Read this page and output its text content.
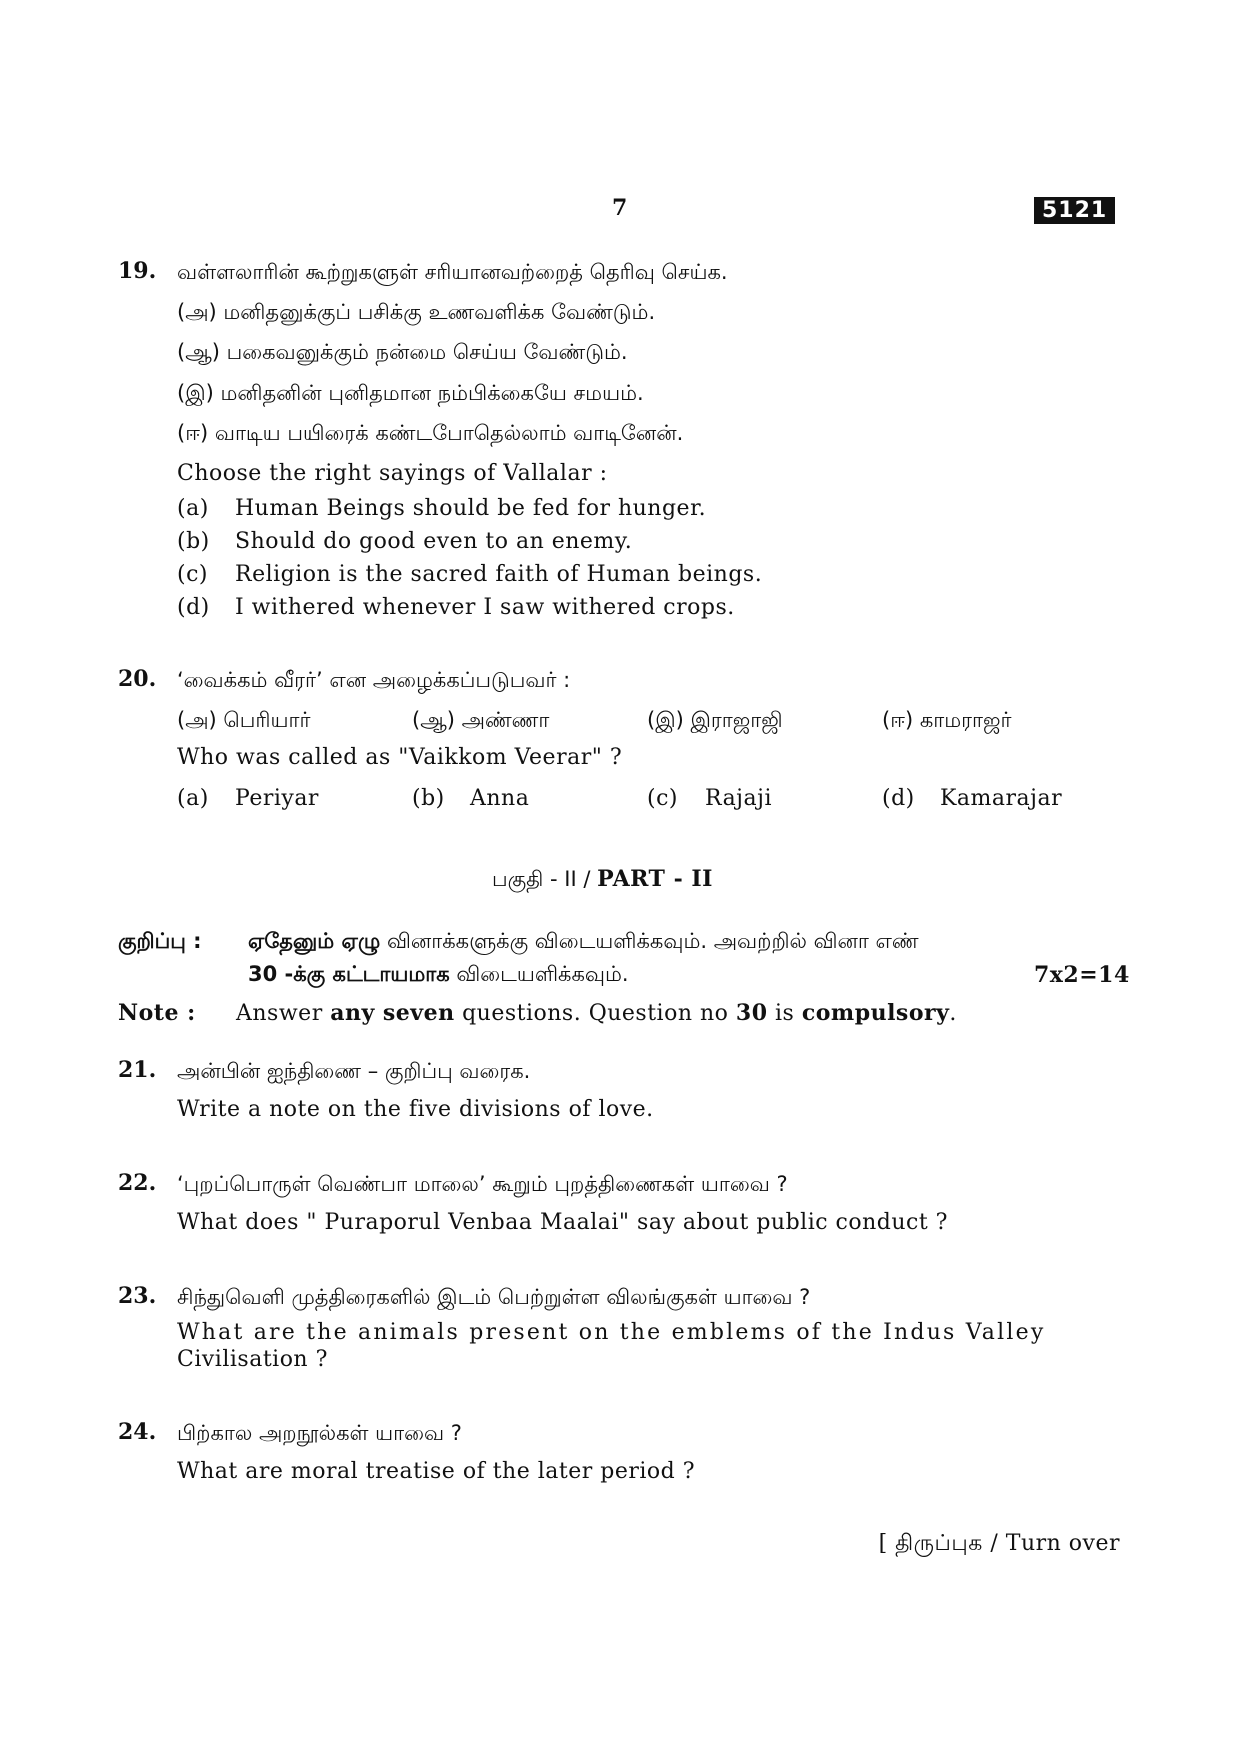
7	5121
19. வள்ளலாரின் கூற்றுகளுள் சரியானவற்றைத் தெரிவு செய்க.
(அ) மனிதனுக்குப் பசிக்கு உணவளிக்க வேண்டும்.
(ஆ) பகைவனுக்கும் நன்மை செய்ய வேண்டும்.
(இ) மனிதனின் புனிதமான நம்பிக்கையே சமயம்.
(ஈ) வாடிய பயிரைக் கண்டபோதெல்லாம் வாடினேன்.
Choose the right sayings of Vallalar :
(a) Human Beings should be fed for hunger.
(b) Should do good even to an enemy.
(c) Religion is the sacred faith of Human beings.
(d) I withered whenever I saw withered crops.
20. ‘வைக்கம் வீரர்’ என அழைக்கப்படுபவர் :
(அ) பெரியார்	(ஆ) அண்ணா	(இ) இராஜாஜி	(ஈ) காமராஜர்
Who was called as "Vaikkom Veerar" ?
(a) Periyar	(b) Anna	(c) Rajaji	(d) Kamarajar
பகுதி - II / PART - II
குறிப்பு : ஏதேனும் ஏழு வினாக்களுக்கு விடையளிக்கவும். அவற்றில் வினா எண்
30 -க்கு கட்டாயமாக விடையளிக்கவும்.	7x2=14
Note : Answer any seven questions. Question no 30 is compulsory.
21. அன்பின் ஐந்திணை – குறிப்பு வரைக.
Write a note on the five divisions of love.
22. ‘புறப்பொருள் வெண்பா மாலை’ கூறும் புறத்திணைகள் யாவை ?
What does " Puraporul Venbaa Maalai" say about public conduct ?
23. சிந்துவெளி முத்திரைகளில் இடம் பெற்றுள்ள விலங்குகள் யாவை ?
What are the animals present on the emblems of the Indus Valley
Civilisation ?
24. பிற்கால அறநூல்கள் யாவை ?
What are moral treatise of the later period ?
[ திருப்புக / Turn over
